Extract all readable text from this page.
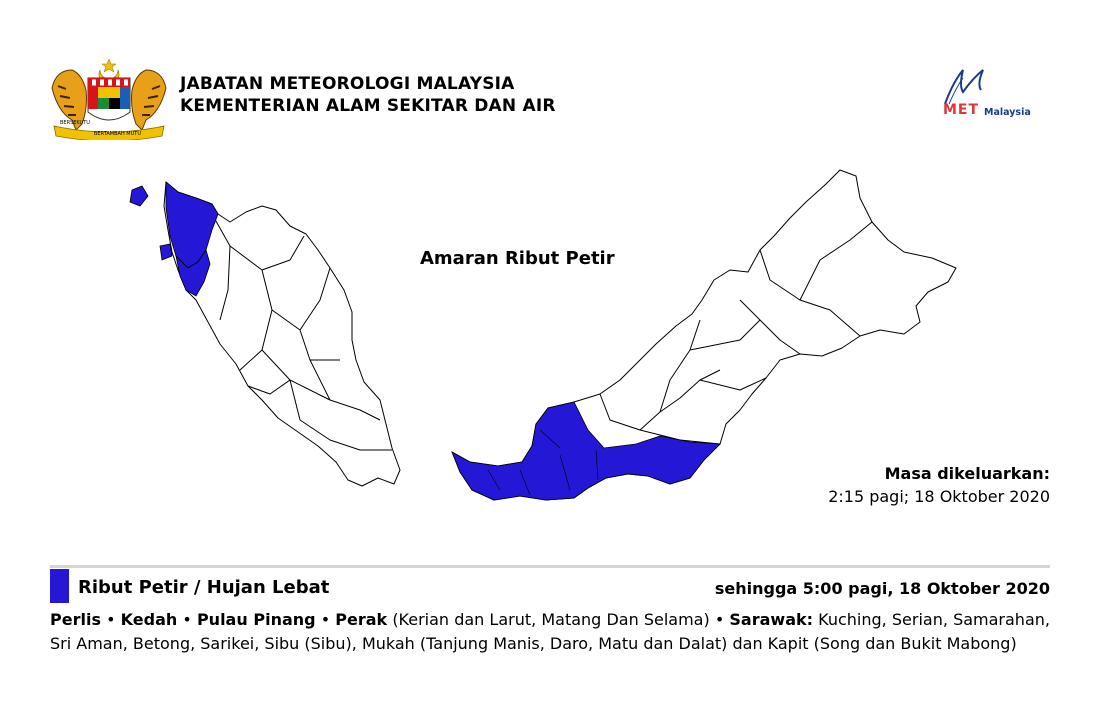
BERSEKUTU
BERTAMBAH MUTU
JABATAN METEOROLOGI MALAYSIA
KEMENTERIAN ALAM SEKITAR DAN AIR	MET Malaysia
Amaran Ribut Petir
Masa dikeluarkan:
2:15 pagi; 18 Oktober 2020
Ribut Petir / Hujan Lebat	sehingga 5:00 pagi, 18 Oktober 2020
Perlis • Kedah • Pulau Pinang • Perak (Kerian dan Larut, Matang Dan Selama) • Sarawak: Kuching, Serian, Samarahan, Sri Aman, Betong, Sarikei, Sibu (Sibu), Mukah (Tanjung Manis, Daro, Matu dan Dalat) dan Kapit (Song dan Bukit Mabong)
